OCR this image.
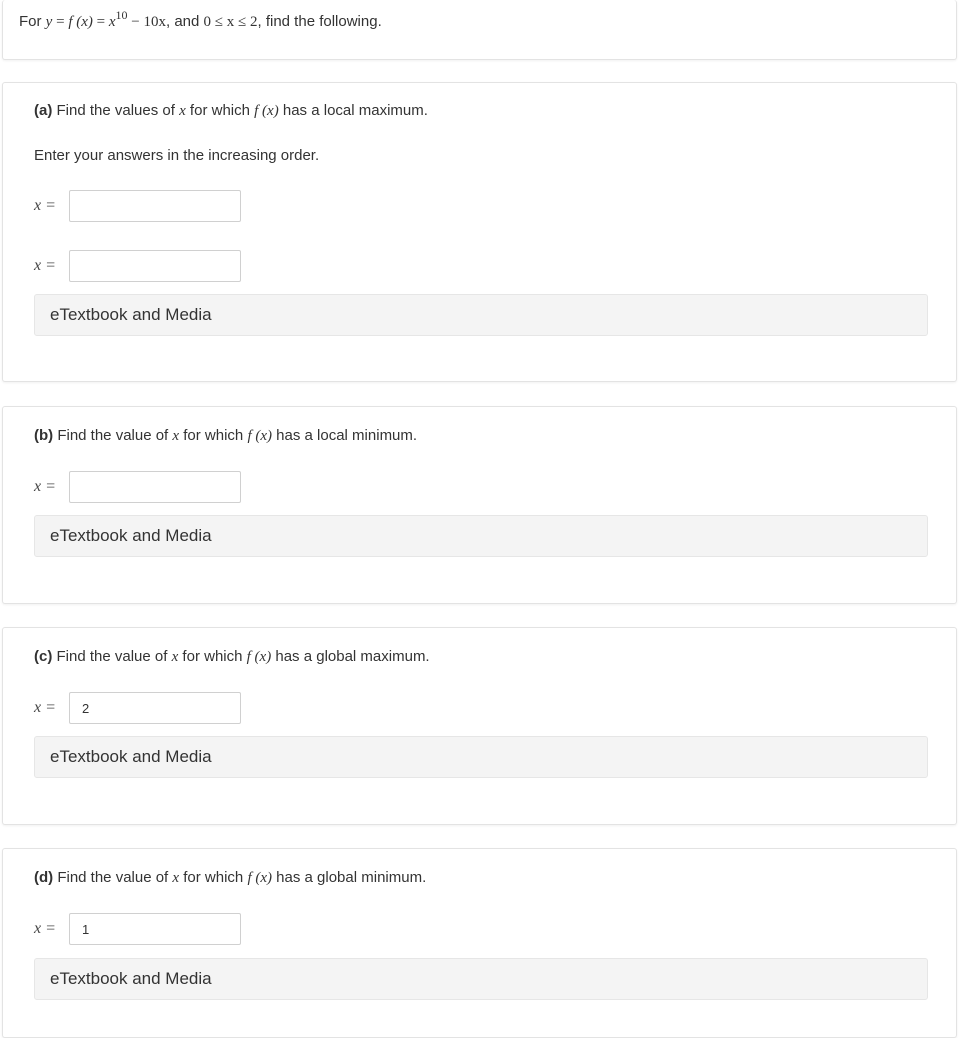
For y = f $(x) = x^{10} - 10x$, and 0 ≤ x ≤ 2, find the following.
(a) Find the values of x for which f (x) has a local maximum.
Enter your answers in the increasing order.
x =
x =
eTextbook and Media
(b) Find the value of x for which f (x) has a local minimum.
x =
eTextbook and Media
(c) Find the value of x for which f (x) has a global maximum.
x =
2
eTextbook and Media
(d) Find the value of x for which f (x) has a global minimum.
x =
1
eTextbook and Media
